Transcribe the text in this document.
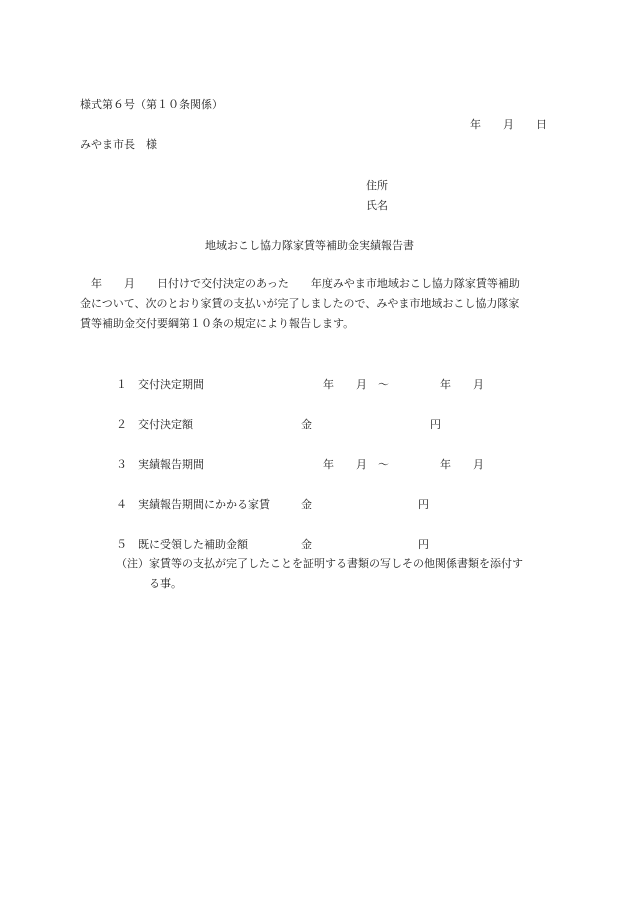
様式第６号（第１０条関係）
年　　月　　日
みやま市長　様
住所
氏名
地域おこし協力隊家賃等補助金実績報告書
　年　　月　　日付けで交付決定のあった　　年度みやま市地域おこし協力隊家賃等補助
金について、次のとおり家賃の支払いが完了しましたので、みやま市地域おこし協力隊家
賃等補助金交付要綱第１０条の規定により報告します。
１ 交付決定期間	年　　月　〜	年　　月
２ 交付決定額	金	円
３ 実績報告期間	年　　月　〜	年　　月
４ 実績報告期間にかかる家賃	金	円
５ 既に受領した補助金額	金	円
（注）家賃等の支払が完了したことを証明する書類の写しその他関係書類を添付す
る事。
